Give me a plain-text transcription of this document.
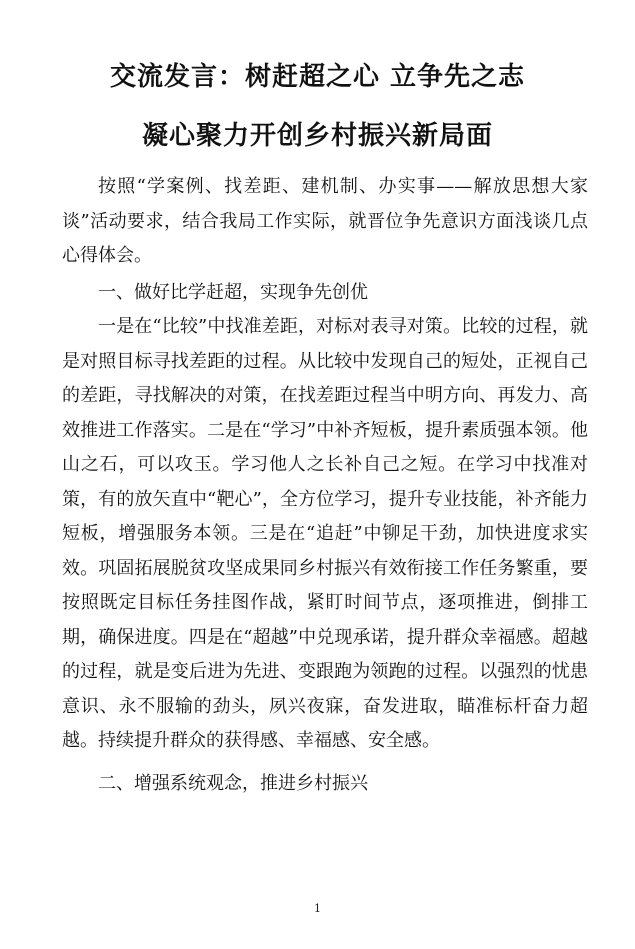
交流发言：树赶超之心 立争先之志
凝心聚力开创乡村振兴新局面

按照“学案例、找差距、建机制、办实事——解放思想大家谈”活动要求，结合我局工作实际，就晋位争先意识方面浅谈几点心得体会。

一、做好比学赶超，实现争先创优

一是在“比较”中找准差距，对标对表寻对策。比较的过程，就是对照目标寻找差距的过程。从比较中发现自己的短处，正视自己的差距，寻找解决的对策，在找差距过程当中明方向、再发力、高效推进工作落实。二是在“学习”中补齐短板，提升素质强本领。他山之石，可以攻玉。学习他人之长补自己之短。在学习中找准对策，有的放矢直中“靶心”，全方位学习，提升专业技能，补齐能力短板，增强服务本领。三是在“追赶”中铆足干劲，加快进度求实效。巩固拓展脱贫攻坚成果同乡村振兴有效衔接工作任务繁重，要按照既定目标任务挂图作战，紧盯时间节点，逐项推进，倒排工期，确保进度。四是在“超越”中兑现承诺，提升群众幸福感。超越的过程，就是变后进为先进、变跟跑为领跑的过程。以强烈的忧患意识、永不服输的劲头，夙兴夜寐，奋发进取，瞄准标杆奋力超越。持续提升群众的获得感、幸福感、安全感。

二、增强系统观念，推进乡村振兴

1
